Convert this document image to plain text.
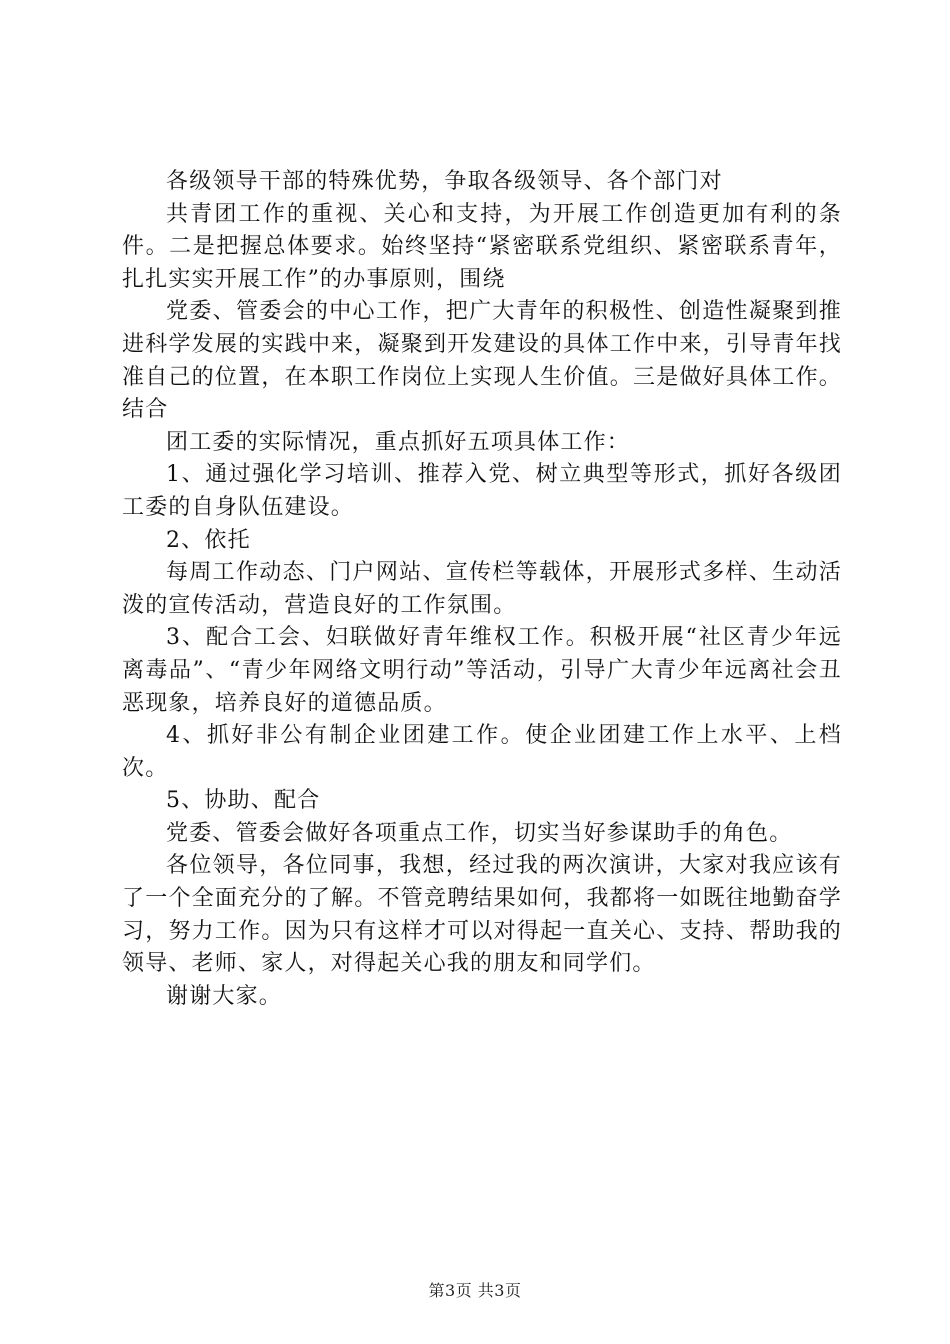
各级领导干部的特殊优势，争取各级领导、各个部门对

共青团工作的重视、关心和支持，为开展工作创造更加有利的条件。二是把握总体要求。始终坚持“紧密联系党组织、紧密联系青年，扎扎实实开展工作”的办事原则，围绕

党委、管委会的中心工作，把广大青年的积极性、创造性凝聚到推进科学发展的实践中来，凝聚到开发建设的具体工作中来，引导青年找准自己的位置，在本职工作岗位上实现人生价值。三是做好具体工作。结合

团工委的实际情况，重点抓好五项具体工作：

1、通过强化学习培训、推荐入党、树立典型等形式，抓好各级团工委的自身队伍建设。

2、依托

每周工作动态、门户网站、宣传栏等载体，开展形式多样、生动活泼的宣传活动，营造良好的工作氛围。

3、配合工会、妇联做好青年维权工作。积极开展“社区青少年远离毒品”、“青少年网络文明行动”等活动，引导广大青少年远离社会丑恶现象，培养良好的道德品质。

4、抓好非公有制企业团建工作。使企业团建工作上水平、上档次。

5、协助、配合

党委、管委会做好各项重点工作，切实当好参谋助手的角色。

各位领导，各位同事，我想，经过我的两次演讲，大家对我应该有了一个全面充分的了解。不管竞聘结果如何，我都将一如既往地勤奋学习，努力工作。因为只有这样才可以对得起一直关心、支持、帮助我的领导、老师、家人，对得起关心我的朋友和同学们。

谢谢大家。

第3页 共3页
